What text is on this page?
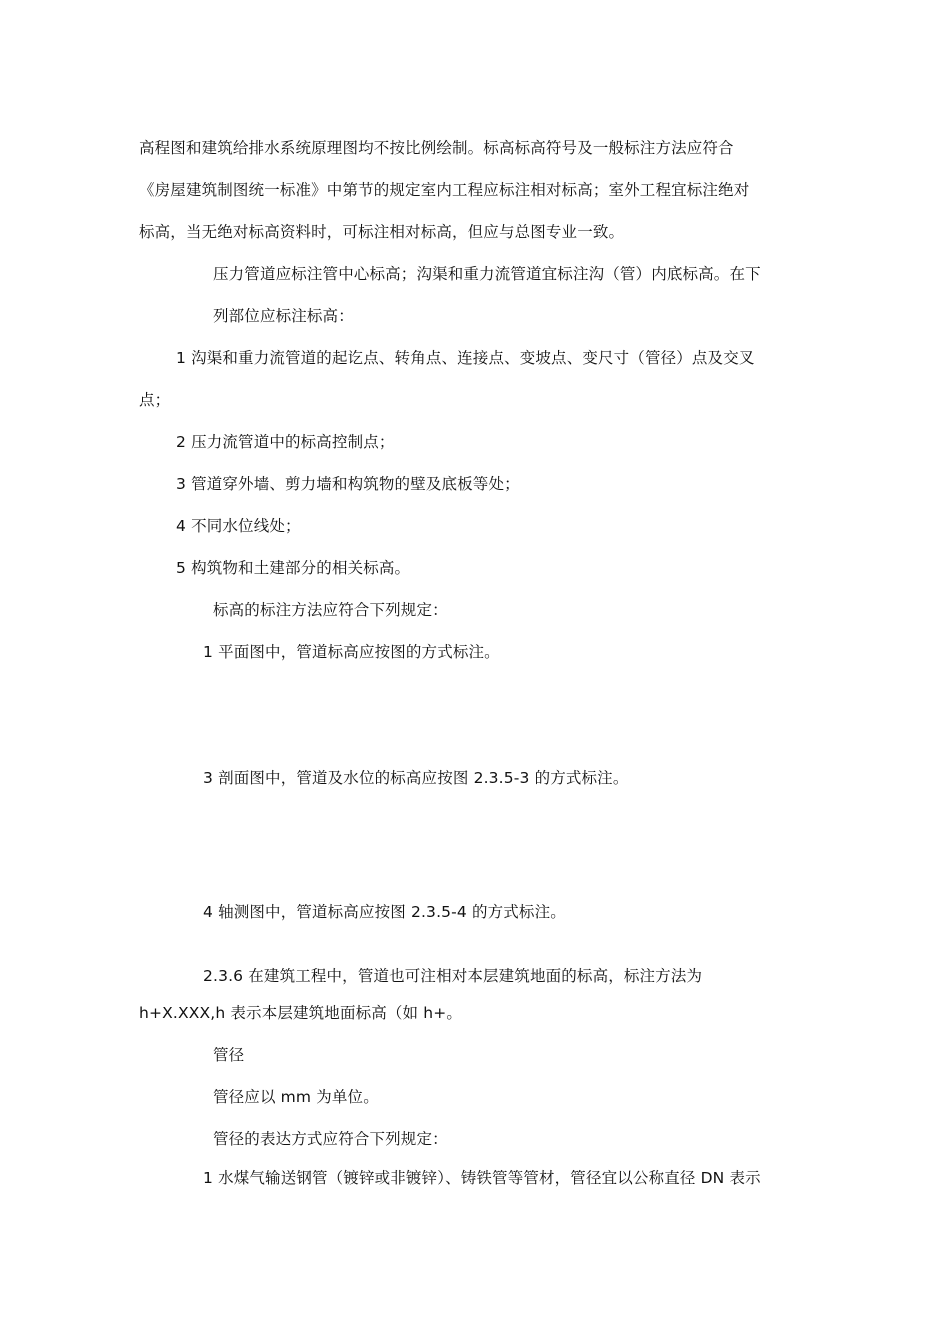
高程图和建筑给排水系统原理图均不按比例绘制。标高标高符号及一般标注方法应符合
《房屋建筑制图统一标准》中第节的规定室内工程应标注相对标高；室外工程宜标注绝对
标高，当无绝对标高资料时，可标注相对标高，但应与总图专业一致。
压力管道应标注管中心标高；沟渠和重力流管道宜标注沟（管）内底标高。在下
列部位应标注标高：
1 沟渠和重力流管道的起讫点、转角点、连接点、变坡点、变尺寸（管径）点及交叉
点；
2 压力流管道中的标高控制点；
3 管道穿外墙、剪力墙和构筑物的壁及底板等处；
4 不同水位线处；
5 构筑物和土建部分的相关标高。
标高的标注方法应符合下列规定：
1 平面图中，管道标高应按图的方式标注。
3 剖面图中，管道及水位的标高应按图 2.3.5-3 的方式标注。
4 轴测图中，管道标高应按图 2.3.5-4 的方式标注。
2.3.6 在建筑工程中，管道也可注相对本层建筑地面的标高，标注方法为
h+X.XXX,h 表示本层建筑地面标高（如 h+。
管径
管径应以 mm 为单位。
管径的表达方式应符合下列规定：
1 水煤气输送钢管（镀锌或非镀锌）、铸铁管等管材，管径宜以公称直径 DN 表示
